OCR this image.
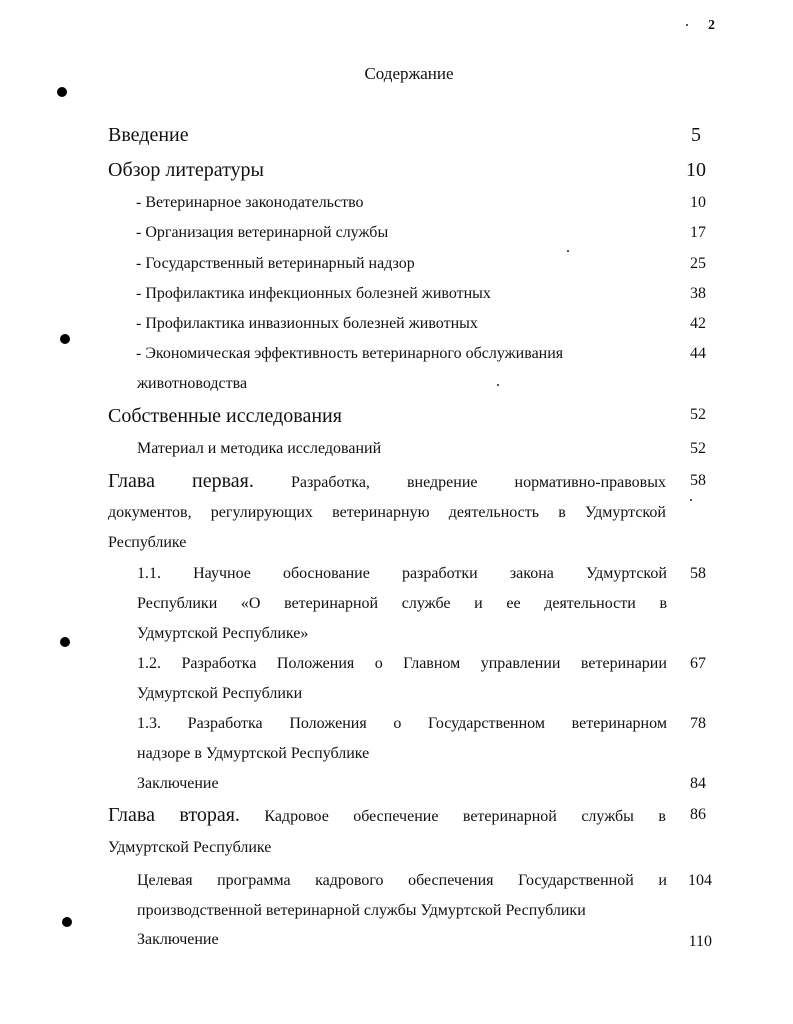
2
Содержание
Введение	5
Обзор литературы	10
- Ветеринарное законодательство	10
- Организация ветеринарной службы	17
- Государственный ветеринарный надзор	25
- Профилактика инфекционных болезней животных	38
- Профилактика инвазионных болезней животных	42
- Экономическая эффективность ветеринарного обслуживания	44
животноводства
Собственные исследования	52
Материал и методика исследований	52
Глава первая. Разработка, внедрение нормативно-правовых	58
документов, регулирующих ветеринарную деятельность в Удмуртской
Республике
1.1. Научное обоснование разработки закона Удмуртской	58
Республики «О ветеринарной службе и ее деятельности в
Удмуртской Республике»
1.2. Разработка Положения о Главном управлении ветеринарии	67
Удмуртской Республики
1.3. Разработка Положения о Государственном ветеринарном	78
надзоре в Удмуртской Республике
Заключение	84
Глава вторая. Кадровое обеспечение ветеринарной службы в	86
Удмуртской Республике
Целевая программа кадрового обеспечения Государственной и	104
производственной ветеринарной службы Удмуртской Республики
Заключение	110
